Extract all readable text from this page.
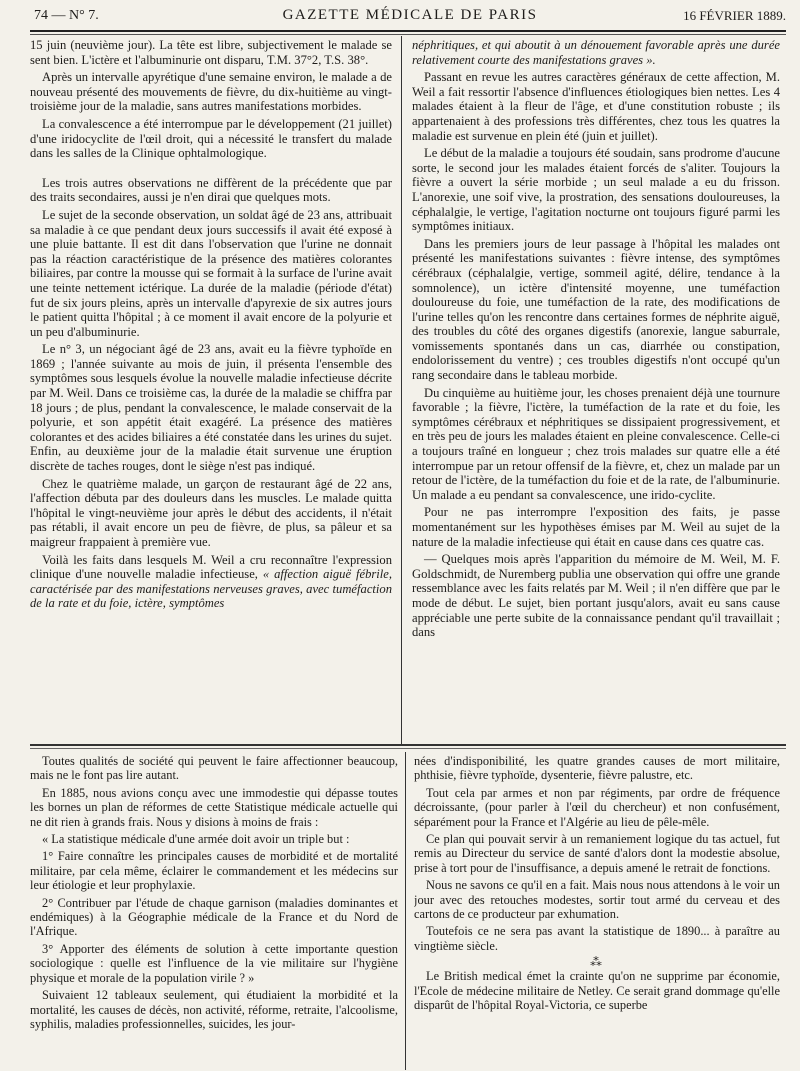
74 — N° 7.	GAZETTE MÉDICALE DE PARIS	16 FÉVRIER 1889.

15 juin (neuvième jour). La tête est libre, subjectivement le malade se sent bien. L'ictère et l'albuminurie ont disparu, T.M. 37°2, T.S. 38°.

Après un intervalle apyrétique d'une semaine environ, le malade a de nouveau présenté des mouvements de fièvre, du dix-huitième au vingt-troisième jour de la maladie, sans autres manifestations morbides.

La convalescence a été interrompue par le développement (21 juillet) d'une iridocyclite de l'œil droit, qui a nécessité le transfert du malade dans les salles de la Clinique ophtalmologique.

Les trois autres observations ne diffèrent de la précédente que par des traits secondaires, aussi je n'en dirai que quelques mots.

Le sujet de la seconde observation, un soldat âgé de 23 ans, attribuait sa maladie à ce que pendant deux jours successifs il avait été exposé à une pluie battante. Il est dit dans l'observation que l'urine ne donnait pas la réaction caractéristique de la présence des matières colorantes biliaires, par contre la mousse qui se formait à la surface de l'urine avait une teinte nettement ictérique. La durée de la maladie (période d'état) fut de six jours pleins, après un intervalle d'apyrexie de six autres jours le patient quitta l'hôpital ; à ce moment il avait encore de la polyurie et un peu d'albuminurie.

Le n° 3, un négociant âgé de 23 ans, avait eu la fièvre typhoïde en 1869 ; l'année suivante au mois de juin, il présenta l'ensemble des symptômes sous lesquels évolue la nouvelle maladie infectieuse décrite par M. Weil. Dans ce troisième cas, la durée de la maladie se chiffra par 18 jours ; de plus, pendant la convalescence, le malade conservait de la polyurie, et son appétit était exagéré. La présence des matières colorantes et des acides biliaires a été constatée dans les urines du sujet. Enfin, au deuxième jour de la maladie était survenue une éruption discrète de taches rouges, dont le siège n'est pas indiqué.

Chez le quatrième malade, un garçon de restaurant âgé de 22 ans, l'affection débuta par des douleurs dans les muscles. Le malade quitta l'hôpital le vingt-neuvième jour après le début des accidents, il n'était pas rétabli, il avait encore un peu de fièvre, de plus, sa pâleur et sa maigreur frappaient à première vue.

Voilà les faits dans lesquels M. Weil a cru reconnaître l'expression clinique d'une nouvelle maladie infectieuse, « affection aiguë fébrile, caractérisée par des manifestations nerveuses graves, avec tuméfaction de la rate et du foie, ictère, symptômes

néphritiques, et qui aboutit à un dénouement favorable après une durée relativement courte des manifestations graves ».

Passant en revue les autres caractères généraux de cette affection, M. Weil a fait ressortir l'absence d'influences étiologiques bien nettes. Les 4 malades étaient à la fleur de l'âge, et d'une constitution robuste ; ils appartenaient à des professions très différentes, chez tous les quatres la maladie est survenue en plein été (juin et juillet).

Le début de la maladie a toujours été soudain, sans prodrome d'aucune sorte, le second jour les malades étaient forcés de s'aliter. Toujours la fièvre a ouvert la série morbide ; un seul malade a eu du frisson. L'anorexie, une soif vive, la prostration, des sensations douloureuses, la céphalalgie, le vertige, l'agitation nocturne ont toujours figuré parmi les symptômes initiaux.

Dans les premiers jours de leur passage à l'hôpital les malades ont présenté les manifestations suivantes : fièvre intense, des symptômes cérébraux (céphalalgie, vertige, sommeil agité, délire, tendance à la somnolence), un ictère d'intensité moyenne, une tuméfaction douloureuse du foie, une tuméfaction de la rate, des modifications de l'urine telles qu'on les rencontre dans certaines formes de néphrite aiguë, des troubles du côté des organes digestifs (anorexie, langue saburrale, vomissements spontanés dans un cas, diarrhée ou constipation, endolorissement du ventre) ; ces troubles digestifs n'ont occupé qu'un rang secondaire dans le tableau morbide.

Du cinquième au huitième jour, les choses prenaient déjà une tournure favorable ; la fièvre, l'ictère, la tuméfaction de la rate et du foie, les symptômes cérébraux et néphritiques se dissipaient progressivement, et en très peu de jours les malades étaient en pleine convalescence. Celle-ci a toujours traîné en longueur ; chez trois malades sur quatre elle a été interrompue par un retour offensif de la fièvre, et, chez un malade par un retour de l'ictère, de la tuméfaction du foie et de la rate, de l'albuminurie. Un malade a eu pendant sa convalescence, une irido-cyclite.

Pour ne pas interrompre l'exposition des faits, je passe momentanément sur les hypothèses émises par M. Weil au sujet de la nature de la maladie infectieuse qui était en cause dans ces quatre cas.

— Quelques mois après l'apparition du mémoire de M. Weil, M. F. Goldschmidt, de Nuremberg publia une observation qui offre une grande ressemblance avec les faits relatés par M. Weil ; il n'en diffère que par le mode de début. Le sujet, bien portant jusqu'alors, avait eu sans cause appréciable une perte subite de la connaissance pendant qu'il travaillait ; dans

Toutes qualités de société qui peuvent le faire affectionner beaucoup, mais ne le font pas lire autant.

En 1885, nous avions conçu avec une immodestie qui dépasse toutes les bornes un plan de réformes de cette Statistique médicale actuelle qui ne dit rien à grands frais. Nous y disions à moins de frais :

« La statistique médicale d'une armée doit avoir un triple but :

1° Faire connaître les principales causes de morbidité et de mortalité militaire, par cela même, éclairer le commandement et les médecins sur leur étiologie et leur prophylaxie.

2° Contribuer par l'étude de chaque garnison (maladies dominantes et endémiques) à la Géographie médicale de la France et du Nord de l'Afrique.

3° Apporter des éléments de solution à cette importante question sociologique : quelle est l'influence de la vie militaire sur l'hygiène physique et morale de la population virile ? »

Suivaient 12 tableaux seulement, qui étudiaient la morbidité et la mortalité, les causes de décès, non activité, réforme, retraite, l'alcoolisme, syphilis, maladies professionnelles, suicides, les jour-

nées d'indisponibilité, les quatre grandes causes de mort militaire, phthisie, fièvre typhoïde, dysenterie, fièvre palustre, etc.

Tout cela par armes et non par régiments, par ordre de fréquence décroissante, (pour parler à l'œil du chercheur) et non confusément, séparément pour la France et l'Algérie au lieu de pêle-mêle.

Ce plan qui pouvait servir à un remaniement logique du tas actuel, fut remis au Directeur du service de santé d'alors dont la modestie absolue, prise à tort pour de l'insuffisance, a depuis amené le retrait de fonctions.

Nous ne savons ce qu'il en a fait. Mais nous nous attendons à le voir un jour avec des retouches modestes, sortir tout armé du cerveau et des cartons de ce producteur par exhumation.

Toutefois ce ne sera pas avant la statistique de 1890... à paraître au vingtième siècle.

⁂

Le British medical émet la crainte qu'on ne supprime par économie, l'Ecole de médecine militaire de Netley. Ce serait grand dommage qu'elle disparût de l'hôpital Royal-Victoria, ce superbe
